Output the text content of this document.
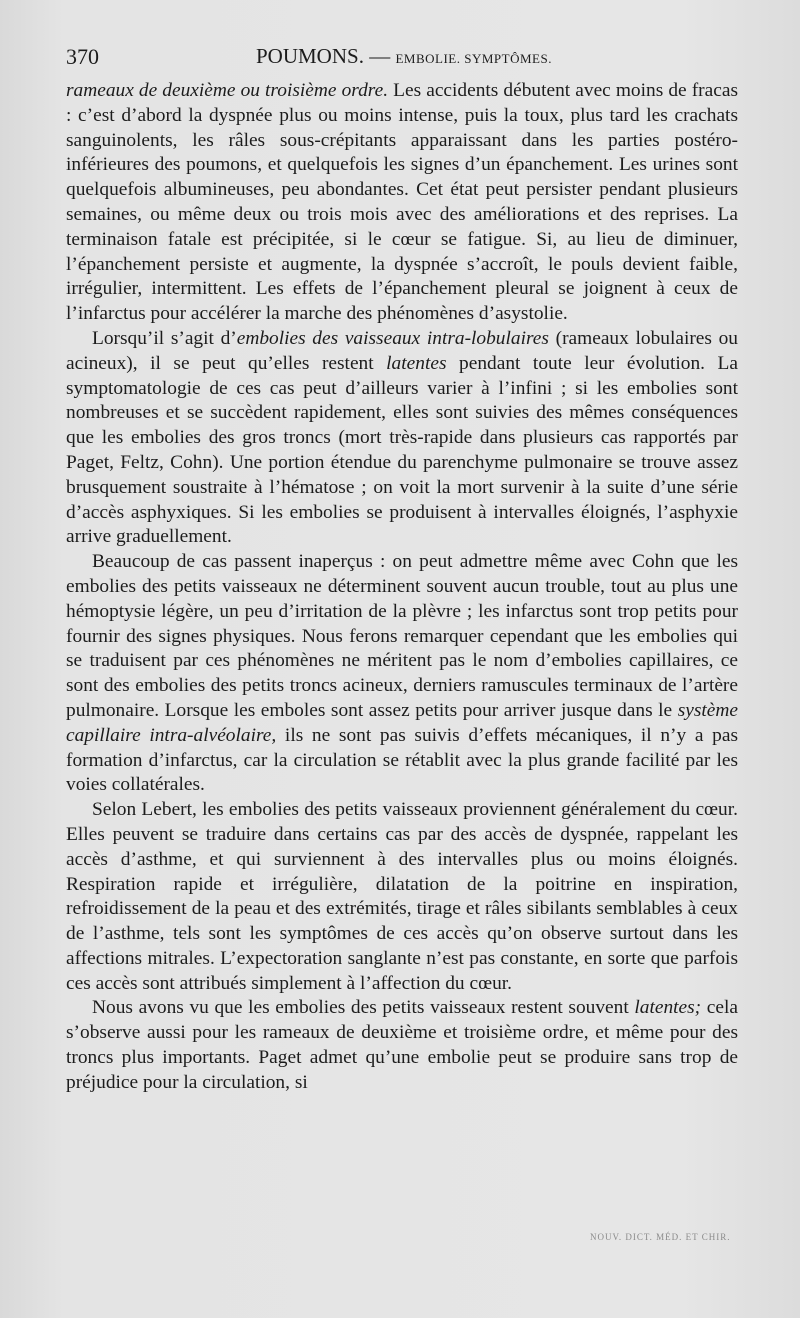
370	POUMONS. — EMBOLIE. SYMPTÔMES.

rameaux de deuxième ou troisième ordre. Les accidents débutent avec moins de fracas : c’est d’abord la dyspnée plus ou moins intense, puis la toux, plus tard les crachats sanguinolents, les râles sous-crépitants apparaissant dans les parties postéro-inférieures des poumons, et quelquefois les signes d’un épanchement. Les urines sont quelquefois albumineuses, peu abondantes. Cet état peut persister pendant plusieurs semaines, ou même deux ou trois mois avec des améliorations et des reprises. La terminaison fatale est précipitée, si le cœur se fatigue. Si, au lieu de diminuer, l’épanchement persiste et augmente, la dyspnée s’accroît, le pouls devient faible, irrégulier, intermittent. Les effets de l’épanchement pleural se joignent à ceux de l’infarctus pour accélérer la marche des phénomènes d’asystolie.

Lorsqu’il s’agit d’embolies des vaisseaux intra-lobulaires (rameaux lobulaires ou acineux), il se peut qu’elles restent latentes pendant toute leur évolution. La symptomatologie de ces cas peut d’ailleurs varier à l’infini ; si les embolies sont nombreuses et se succèdent rapidement, elles sont suivies des mêmes conséquences que les embolies des gros troncs (mort très-rapide dans plusieurs cas rapportés par Paget, Feltz, Cohn). Une portion étendue du parenchyme pulmonaire se trouve assez brusquement soustraite à l’hématose ; on voit la mort survenir à la suite d’une série d’accès asphyxiques. Si les embolies se produisent à intervalles éloignés, l’asphyxie arrive graduellement.

Beaucoup de cas passent inaperçus : on peut admettre même avec Cohn que les embolies des petits vaisseaux ne déterminent souvent aucun trouble, tout au plus une hémoptysie légère, un peu d’irritation de la plèvre ; les infarctus sont trop petits pour fournir des signes physiques. Nous ferons remarquer cependant que les embolies qui se traduisent par ces phénomènes ne méritent pas le nom d’embolies capillaires, ce sont des embolies des petits troncs acineux, derniers ramuscules terminaux de l’artère pulmonaire. Lorsque les emboles sont assez petits pour arriver jusque dans le système capillaire intra-alvéolaire, ils ne sont pas suivis d’effets mécaniques, il n’y a pas formation d’infarctus, car la circulation se rétablit avec la plus grande facilité par les voies collatérales.

Selon Lebert, les embolies des petits vaisseaux proviennent généralement du cœur. Elles peuvent se traduire dans certains cas par des accès de dyspnée, rappelant les accès d’asthme, et qui surviennent à des intervalles plus ou moins éloignés. Respiration rapide et irrégulière, dilatation de la poitrine en inspiration, refroidissement de la peau et des extrémités, tirage et râles sibilants semblables à ceux de l’asthme, tels sont les symptômes de ces accès qu’on observe surtout dans les affections mitrales. L’expectoration sanglante n’est pas constante, en sorte que parfois ces accès sont attribués simplement à l’affection du cœur.

Nous avons vu que les embolies des petits vaisseaux restent souvent latentes; cela s’observe aussi pour les rameaux de deuxième et troisième ordre, et même pour des troncs plus importants. Paget admet qu’une embolie peut se produire sans trop de préjudice pour la circulation, si

NOUV. DICT. MÉD. ET CHIR.
